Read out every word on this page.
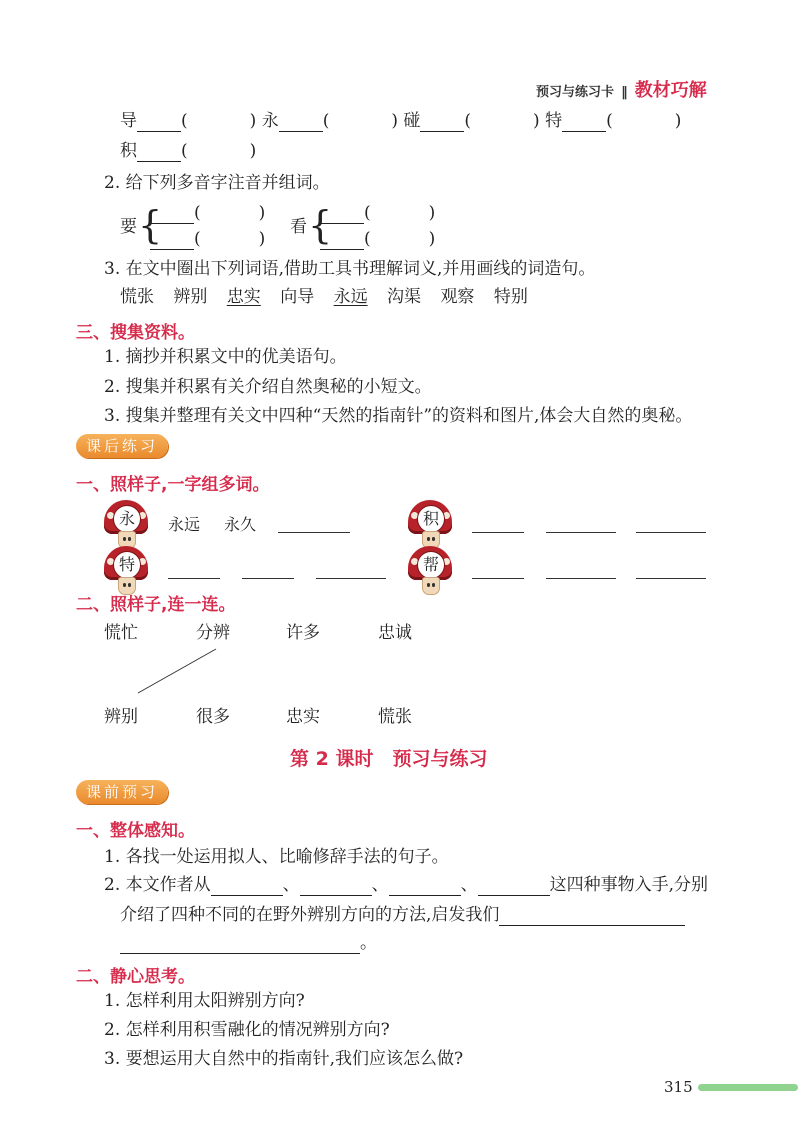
预习与练习卡 ‖ 教材巧解
导	(	) 永	(	) 碰	(	) 特	(	)
积	(	)
2. 给下列多音字注音并组词。
要 {	(	)
(	)
看 {	(	)
(	)
3. 在文中圈出下列词语,借助工具书理解词义,并用画线的词造句。
慌张 辨别 忠实 向导 永远 沟渠 观察 特别
三、搜集资料。
1. 摘抄并积累文中的优美语句。
2. 搜集并积累有关介绍自然奥秘的小短文。
3. 搜集并整理有关文中四种“天然的指南针”的资料和图片,体会大自然的奥秘。
课后练习
一、照样子,一字组多词。
永	永远 永久	积
特	帮
二、照样子,连一连。
慌忙	分辨	许多	忠诚
辨别	很多	忠实	慌张
第 2 课时　预习与练习
课前预习
一、整体感知。
1. 各找一处运用拟人、比喻修辞手法的句子。
2. 本文作者从	、	、	、	这四种事物入手,分别
介绍了四种不同的在野外辨别方向的方法,启发我们
。
二、静心思考。
1. 怎样利用太阳辨别方向?
2. 怎样利用积雪融化的情况辨别方向?
3. 要想运用大自然中的指南针,我们应该怎么做?
315
